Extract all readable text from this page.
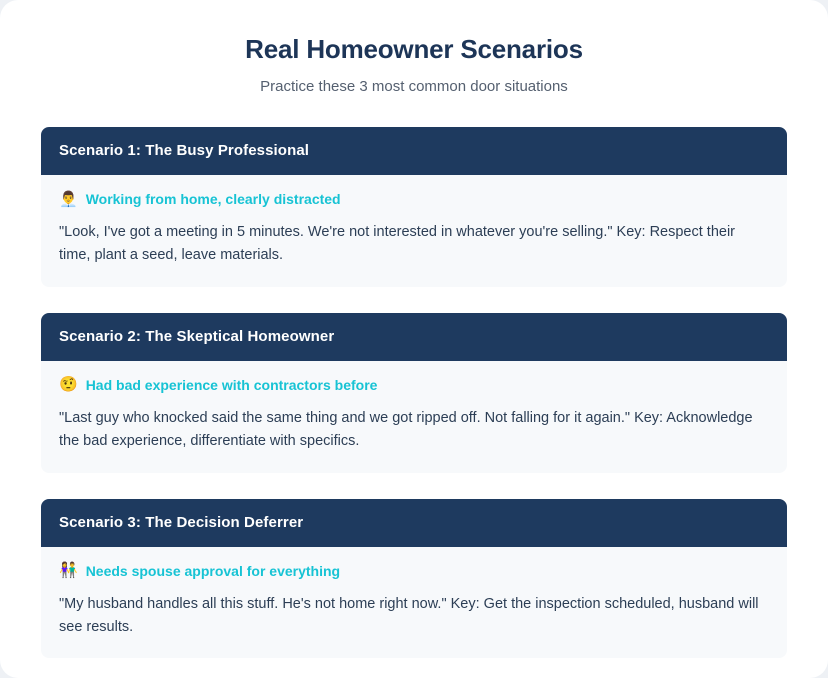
Real Homeowner Scenarios

Practice these 3 most common door situations

Scenario 1: The Busy Professional
👨‍💼 Working from home, clearly distracted
"Look, I've got a meeting in 5 minutes. We're not interested in whatever you're selling." Key: Respect their time, plant a seed, leave materials.
Scenario 2: The Skeptical Homeowner
🤨 Had bad experience with contractors before
"Last guy who knocked said the same thing and we got ripped off. Not falling for it again." Key: Acknowledge the bad experience, differentiate with specifics.
Scenario 3: The Decision Deferrer
👫 Needs spouse approval for everything
"My husband handles all this stuff. He's not home right now." Key: Get the inspection scheduled, husband will see results.
